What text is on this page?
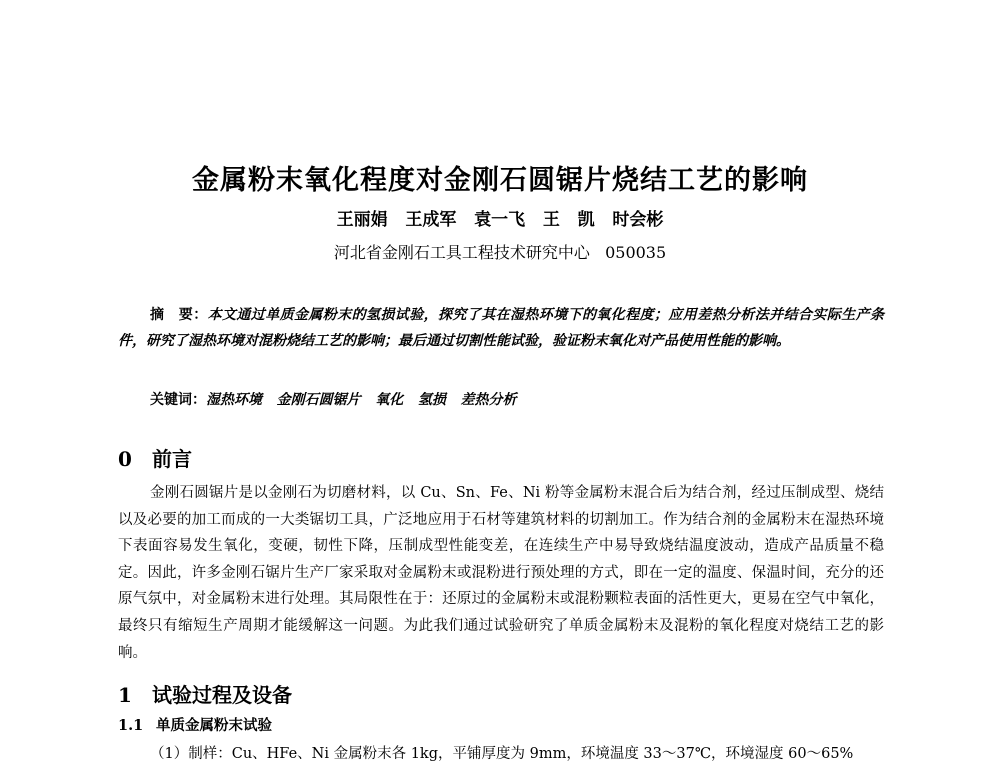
金属粉末氧化程度对金刚石圆锯片烧结工艺的影响
王丽娟   王成军   袁一飞   王   凯   时会彬
河北省金刚石工具工程技术研究中心   050035
摘　要：本文通过单质金属粉末的氢损试验，探究了其在湿热环境下的氧化程度；应用差热分析法并结合实际生产条件，研究了湿热环境对混粉烧结工艺的影响；最后通过切割性能试验，验证粉末氧化对产品使用性能的影响。
关键词：湿热环境   金刚石圆锯片   氧化   氢损   差热分析
0 前言
金刚石圆锯片是以金刚石为切磨材料，以 Cu、Sn、Fe、Ni 粉等金属粉末混合后为结合剂，经过压制成型、烧结以及必要的加工而成的一大类锯切工具，广泛地应用于石材等建筑材料的切割加工。作为结合剂的金属粉末在湿热环境下表面容易发生氧化，变硬，韧性下降，压制成型性能变差，在连续生产中易导致烧结温度波动，造成产品质量不稳定。因此，许多金刚石锯片生产厂家采取对金属粉末或混粉进行预处理的方式，即在一定的温度、保温时间，充分的还原气氛中，对金属粉末进行处理。其局限性在于：还原过的金属粉末或混粉颗粒表面的活性更大，更易在空气中氧化，最终只有缩短生产周期才能缓解这一问题。为此我们通过试验研究了单质金属粉末及混粉的氧化程度对烧结工艺的影响。
1 试验过程及设备
1.1 单质金属粉末试验
（1）制样：Cu、HFe、Ni 金属粉末各 1kg，平铺厚度为 9mm，环境温度 33～37℃，环境湿度 60～65%
